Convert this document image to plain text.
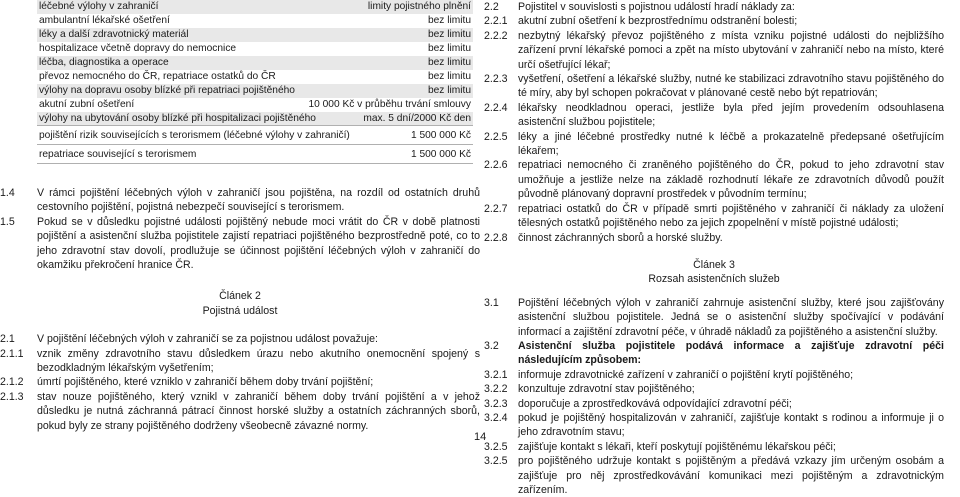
léčebné výlohy v zahraničí	limity pojistného plnění
ambulantní lékařské ošetření	bez limitu
léky a další zdravotnický materiál	bez limitu
hospitalizace včetně dopravy do nemocnice	bez limitu
léčba, diagnostika a operace	bez limitu
převoz nemocného do ČR, repatriace ostatků do ČR	bez limitu
výlohy na dopravu osoby blízké při repatriaci pojištěného	bez limitu
akutní zubní ošetření	10 000 Kč v průběhu trvání smlouvy
výlohy na ubytování osoby blízké při hospitalizaci pojištěného	max. 5 dní/2000 Kč den
pojištění rizik souvisejících s terorismem (léčebné výlohy v zahraničí)	1 500 000 Kč
repatriace související s terorismem	1 500 000 Kč

1.4 V rámci pojištění léčebných výloh v zahraničí jsou pojištěna, na rozdíl od ostatních druhů cestovního pojištění, pojistná nebezpečí související s terorismem.

1.5 Pokud se v důsledku pojistné události pojištěný nebude moci vrátit do ČR v době platnosti pojištění a asistenční služba pojistitele zajistí repatriaci pojištěného bezprostředně poté, co to jeho zdravotní stav dovolí, prodlužuje se účinnost pojištění léčebných výloh v zahraničí do okamžiku překročení hranice ČR.

Článek 2

Pojistná událost

2.1 V pojištění léčebných výloh v zahraničí se za pojistnou událost považuje:

2.1.1 vznik změny zdravotního stavu důsledkem úrazu nebo akutního onemocnění spojený s bezodkladným lékařským vyšetřením;

2.1.2 úmrtí pojištěného, které vzniklo v zahraničí během doby trvání pojištění;

2.1.3 stav nouze pojištěného, který vznikl v zahraničí během doby trvání pojištění a v jehož důsledku je nutná záchranná pátrací činnost horské služby a ostatních záchranných sborů, pokud byly ze strany pojištěného dodrženy všeobecně závazné normy.

2.2 Pojistitel v souvislosti s pojistnou událostí hradí náklady za:

2.2.1 akutní zubní ošetření k bezprostřednímu odstranění bolesti;

2.2.2 nezbytný lékařský převoz pojištěného z místa vzniku pojistné události do nejbližšího zařízení první lékařské pomoci a zpět na místo ubytování v zahraničí nebo na místo, které určí ošetřující lékař;

2.2.3 vyšetření, ošetření a lékařské služby, nutné ke stabilizaci zdravotního stavu pojištěného do té míry, aby byl schopen pokračovat v plánované cestě nebo být repatriován;

2.2.4 lékařsky neodkladnou operaci, jestliže byla před jejím provedením odsouhlasena asistenční službou pojistitele;

2.2.5 léky a jiné léčebné prostředky nutné k léčbě a prokazatelně předepsané ošetřujícím lékařem;

2.2.6 repatriaci nemocného či zraněného pojištěného do ČR, pokud to jeho zdravotní stav umožňuje a jestliže nelze na základě rozhodnutí lékaře ze zdravotních důvodů použít původně plánovaný dopravní prostředek v původním termínu;

2.2.7 repatriaci ostatků do ČR v případě smrti pojištěného v zahraničí či náklady za uložení tělesných ostatků pojištěného nebo za jejich zpopelnění v místě pojistné události;

2.2.8 činnost záchranných sborů a horské služby.

Článek 3

Rozsah asistenčních služeb

3.1 Pojištění léčebných výloh v zahraničí zahrnuje asistenční služby, které jsou zajišťovány asistenční službou pojistitele. Jedná se o asistenční služby spočívající v podávání informací a zajištění zdravotní péče, v úhradě nákladů za pojištěného a asistenční služby.

3.2 Asistenční služba pojistitele podává informace a zajišťuje zdravotní péči následujícím způsobem:

3.2.1 informuje zdravotnické zařízení v zahraničí o pojištění krytí pojištěného;

3.2.2 konzultuje zdravotní stav pojištěného;

3.2.3 doporučuje a zprostředkovává odpovídající zdravotní péči;

3.2.4 pokud je pojištěný hospitalizován v zahraničí, zajišťuje kontakt s rodinou a informuje ji o jeho zdravotním stavu;

3.2.5 zajišťuje kontakt s lékaři, kteří poskytují pojištěnému lékařskou péči;

3.2.5 pro pojištěného udržuje kontakt s pojištěným a předává vzkazy jím určeným osobám a zajišťuje pro něj zprostředkovávání komunikaci mezi pojištěným a zdravotnickým zařízením.

14
